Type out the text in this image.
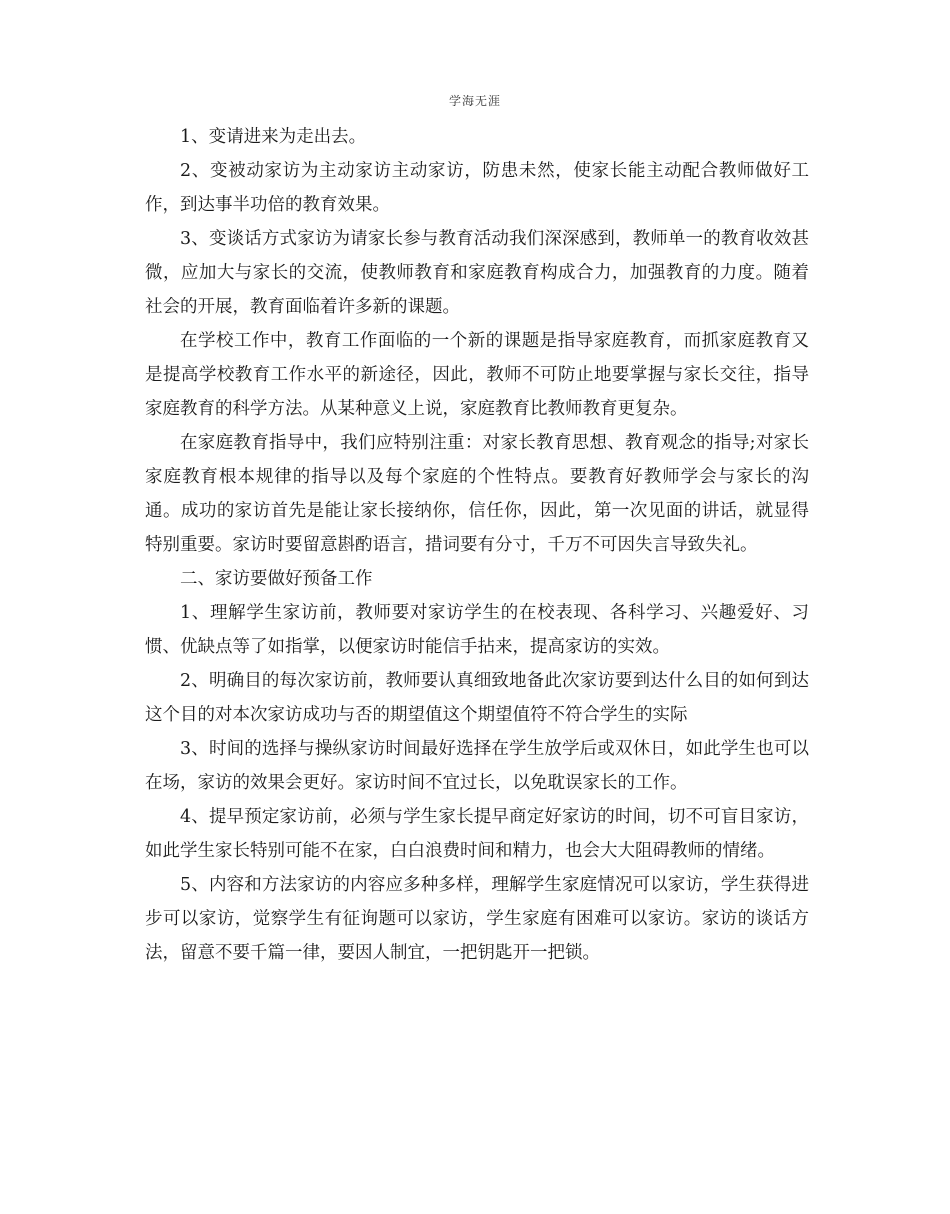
学海无涯

1、变请进来为走出去。

2、变被动家访为主动家访主动家访，防患未然，使家长能主动配合教师做好工作，到达事半功倍的教育效果。

3、变谈话方式家访为请家长参与教育活动我们深深感到，教师单一的教育收效甚微，应加大与家长的交流，使教师教育和家庭教育构成合力，加强教育的力度。随着社会的开展，教育面临着许多新的课题。

在学校工作中，教育工作面临的一个新的课题是指导家庭教育，而抓家庭教育又是提高学校教育工作水平的新途径，因此，教师不可防止地要掌握与家长交往，指导家庭教育的科学方法。从某种意义上说，家庭教育比教师教育更复杂。

在家庭教育指导中，我们应特别注重：对家长教育思想、教育观念的指导;对家长家庭教育根本规律的指导以及每个家庭的个性特点。要教育好教师学会与家长的沟通。成功的家访首先是能让家长接纳你，信任你，因此，第一次见面的讲话，就显得特别重要。家访时要留意斟酌语言，措词要有分寸，千万不可因失言导致失礼。

二、家访要做好预备工作

1、理解学生家访前，教师要对家访学生的在校表现、各科学习、兴趣爱好、习惯、优缺点等了如指掌，以便家访时能信手拈来，提高家访的实效。

2、明确目的每次家访前，教师要认真细致地备此次家访要到达什么目的如何到达这个目的对本次家访成功与否的期望值这个期望值符不符合学生的实际

3、时间的选择与操纵家访时间最好选择在学生放学后或双休日，如此学生也可以在场，家访的效果会更好。家访时间不宜过长，以免耽误家长的工作。

4、提早预定家访前，必须与学生家长提早商定好家访的时间，切不可盲目家访，如此学生家长特别可能不在家，白白浪费时间和精力，也会大大阻碍教师的情绪。

5、内容和方法家访的内容应多种多样，理解学生家庭情况可以家访，学生获得进步可以家访，觉察学生有征询题可以家访，学生家庭有困难可以家访。家访的谈话方法，留意不要千篇一律，要因人制宜，一把钥匙开一把锁。
